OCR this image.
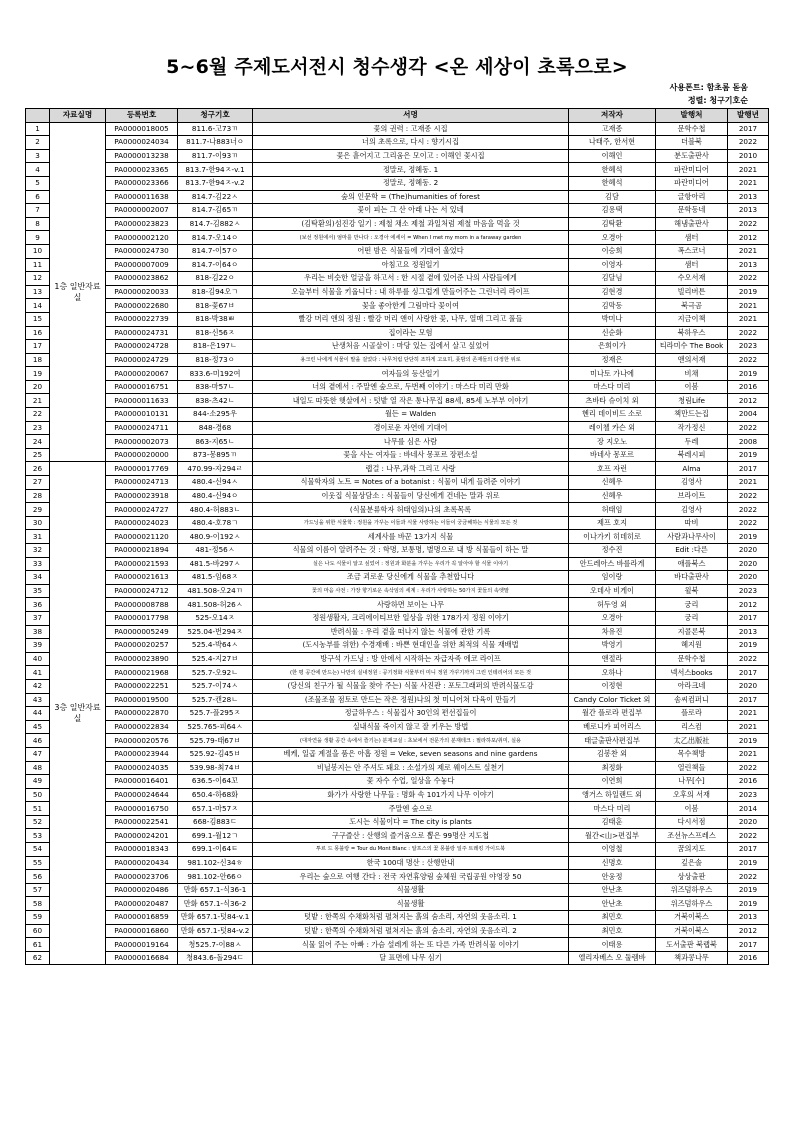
5~6월 주제도서전시 청수생각 <온 세상이 초록으로>
사용폰트: 함초롬 돋움
정렬: 청구기호순
	자료실명	등록번호	청구기호	서명	저작자	발행처	발행년
1	1층 일반자료실	PA0000018005	811.6-고73ㄲ	꽃의 권력 : 고재종 시집	고재종	문학수첩	2017
2		PA0000024034	811.7-나883너ㅇ	너의 초록으로, 다시 : 향기시집	나태주, 한서현	더블북	2022
3		PA0000013238	811.7-이93ㄲ	꽃은 흩어지고 그리움은 모이고 : 이해인 꽃시집	이해인	분도출판사	2010
4		PA0000023365	813.7-한94ㅈ-v.1	정말로, 정혜동. 1	한혜석	파란미디어	2021
5		PA0000023366	813.7-한94ㅈ-v.2	정말로, 정혜동. 2	한혜석	파란미디어	2021
6		PA0000011638	814.7-김22ㅅ	숲의 인문학 = (The)humanities of forest	김담	글항아리	2013
7		PA0000002007	814.7-김65ㄲ	꽃이 피는 그 산 아래 나는 서 있네	김용택	문학동네	2013
8		PA0000023823	814.7-김882ㅅ	(김탁환의)섬진강 일기 : 제철 채소 제철 과일처럼 제철 마음을 먹을 것	김탁환	해냄출판사	2022
9		PA0000002120	814.7-오14ㅇ	(보선 정원에서) 엄마를 만나다 : 오경아 에세이 = When I met my mom in a faraway garden	오경아	샘터	2012
10		PA0000024730	814.7-이57ㅇ	어떤 밤은 식물들에 기대어 울었다	이승희	폭스코너	2021
11		PA0000007009	814.7-이64ㅇ	아침고요 정원일기	이영자	샘터	2013
12		PA0000023862	818-김22ㅇ	우리는 비슷한 얼굴을 하고서 : 한 시절 곁에 있어준 나의 사람들에게	김달님	수오서재	2022
13		PA0000020033	818-김94오ㄱ	오늘부터 식물을 키웁니다 : 내 하루를 싱그럽게 만들어주는 그린너리 라이프	김현경	빌리버튼	2019
14		PA0000022680	818-꽃67ㅂ	꽃을 좋아한게 그림마다 꽃이여	김막동	북극곰	2021
15		PA0000022739	818-박38ㅃ	빨강 머리 앤의 정원 : 빨강 머리 앤이 사랑한 꽃, 나무, 열매 그리고 풀들	박미나	지금이책	2021
16		PA0000024731	818-신56ㅈ	집이라는 모험	신순화	북하우스	2022
17		PA0000024728	818-은197ㄴ	난생처음 시골살이 : 마당 있는 집에서 살고 싶었어	은희이가	티라미수 The Book	2023
18		PA0000024729	818-정73ㅇ	용크린 나에게 식물이 말을 걸었다 : 나무처럼 단단히 조하게 고요히, 풋밤의 존재들의 다정한 위로	정재은	앤의서재	2022
19		PA0000020067	833.6-미192여	여자들의 등산일기	미나토 가나에	비채	2019
20		PA0000016751	838-마57ㄴ	너의 곁에서 : 주말엔 숲으로, 두번째 이야기 : 마스다 미리 만화	마스다 미리	이봄	2016
21		PA0000011633	838-츠42ㄴ	내일도 따뜻한 햇살에서 : 텃밭 열 작은 통나무집 88세, 85세 노부부 이야기	츠바타 슈이치 외	청림Life	2012
22		PA0000010131	844-소295우	월든 = Walden	헨리 데이비드 소로	책만드는집	2004
23		PA0000024711	848-경68	경이로운 자연에 기대어	레이첼 카슨 외	작가정신	2022
24		PA0000002073	863-지65ㄴ	나무를 심은 사람	장 지오노	두레	2008
25		PA0000020000	873-몽895ㄲ	꽃을 사는 여자들 : 바네사 몽포르 장편소설	바네사 몽포르	북레시피	2019
26	3층 일반자료실	PA0000017769	470.99-자294ㄹ	랩걸 : 나무,과학 그리고 사랑	호프 자런	Alma	2017
27		PA0000024713	480.4-신94ㅅ	식물학자의 노트 = Notes of a botanist : 식물이 내게 들려준 이야기	신혜우	김영사	2021
28		PA0000023918	480.4-신94ㅇ	이웃집 식물상담소 : 식물들이 당신에게 건네는 말과 위로	신혜우	브라이트	2022
29		PA0000024727	480.4-허883ㄴ	(식물분류학자 허태임의)나의 초록목록	허태임	김영사	2022
30		PA0000024023	480.4-호78ㄱ	가드닝을 위한 식물학 : 정원을 가꾸는 이들과 식물 사랑하는 이들이 궁금해하는 식물의 모든 것	제프 호지	따비	2022
31		PA0000021120	480.9-이192ㅅ	세계사를 바꾼 13가지 식물	이나가키 히데히로	사람과나무사이	2019
32		PA0000021894	481-정56ㅅ	식물의 이름이 알려주는 것 : 학명, 보통명, 별명으로 내 방 식물들이 하는 말	정수진	Edit :다른	2020
33		PA0000021593	481.5-바297ㅅ	실은 나도 식물이 알고 싶었어 : 정원과 화분을 가꾸는 우리가 꼭 알아야 할 식물 이야기	안드레아스 바를라게	애플북스	2020
34		PA0000021613	481.5-임68ㅈ	조금 괴로운 당신에게 식물을 추천합니다	임이랑	바다출판사	2020
35		PA0000024712	481.508-오24ㄲ	꽃의 마음 사전 : 가장 향기로운 속삭임의 세계 : 우리가 사랑하는 50가지 꽃들의 속엣말	오데사 비게이	윌북	2023
36		PA0000008788	481.508-허26ㅅ	사랑하면 보이는 나무	허두영 외	궁리	2012
37		PA0000017798	525-오14ㅈ	정원생활자, 크리에이티브한 일상을 위한 178가지 정원 이야기	오경아	궁리	2017
38		PA0000005249	525.04-번294ㅈ	반려식물 : 우리 곁을 떠나지 않는 식물에 관한 기록	차유진	지콜론북	2013
39		PA0000020257	525.4-박64ㅅ	(도시농부를 위한) 수경재배 : 바쁜 현대인을 위한 최적의 식물 재배법	박영기	혜지원	2019
40		PA0000023890	525.4-지27ㅂ	방구석 가드닝 : 방 안에서 시작하는 자급자족 에코 라이프	앤절라	문학수첩	2022
41		PA0000021968	525.7-오92ㄴ	(한 평 공간에 만드는) 나만의 실내정원 : 공기정화 식물부터 미니 정원 가꾸기까지 그린 인테리어의 모든 것	오하나	넥서스books	2017
42		PA0000022251	525.7-이74ㅅ	(당신의 친구가 될 식물을 찾아 주는) 식물 사진관 : 포토그래퍼의 반려식물도감	이정현	아라크네	2020
43		PA0000019500	525.7-캔28ㄴ	(조물조물 점토로 만드는 작은 정원)나의 첫 미니어쳐 다육이 만들기	Candy Color Ticket 외	솜씨컴퍼니	2017
44		PA0000022870	525.7-플295ㅈ	정글하우스 : 식물집사 30인의 편선집들이	월간 플로라 편집부	플로라	2021
45		PA0000022834	525.765-피64ㅅ	실내식물 죽이지 않고 잘 키우는 방법	베로니카 피어리스	리스컴	2021
46		PA0000020576	525.79-태67ㅂ	(대자연을 생활 공간 속에서 즐기는) 분재교실 : 초보에서 전문가의 분재테크 : 필라하포/취미, 실용	태글출판사편집부	太乙出版社	2019
47		PA0000023944	525.92-김45ㅂ	베케, 일곱 계절을 품은 아홉 정원 = Veke, seven seasons and nine gardens	김봉찬 외	목수책방	2021
48		PA0000024035	539.98-최74ㅂ	비닐봉지는 안 주셔도 돼요 : 소설가의 제로 웨이스트 실천기	최정화	열린책들	2022
49		PA0000016401	636.5-이64꼬	꽃 자수 수업, 일상을 수놓다	이연희	나무[수]	2016
50		PA0000024644	650.4-하68화	화가가 사랑한 나무들 : 명화 속 101가지 나무 이야기	앵거스 하일랜드 외	오후의 서재	2023
51		PA0000016750	657.1-마57ㅈ	주말엔 숲으로	마스다 미리	이봄	2014
52		PA0000022541	668-김883ㄷ	도시는 식물이다 = The city is plants	김태훈	다시서점	2020
53		PA0000024201	699.1-월12ㄱ	구구즐산 : 산행의 즐거움으로 뽑은 99명산 지도첩	월간<山>편집부	조선뉴스프레스	2022
54		PA0000018343	699.1-이64ㅌ	투르 드 몽블랑 = Tour du Mont Blanc : 알프스의 꽃 몽블랑 일주 트레킹 가이드북	이영철	꿈의지도	2017
55		PA0000020434	981.102-신34ㅎ	한국 100대 명산 : 산행안내	신명호	깊은솔	2019
56		PA0000023706	981.102-안66ㅇ	우리는 숲으로 여행 간다 : 전국 자연휴양림 숲체원 국립공원 야영장 50	안웅정	상상출판	2022
57		PA0000020486	만화 657.1-식36-1	식물생활	안난초	위즈덤하우스	2019
58		PA0000020487	만화 657.1-식36-2	식물생활	안난초	위즈덤하우스	2019
59		PA0000016859	만화 657.1-텃84-v.1	텃밭 : 한쪽의 수채화처럼 펼쳐지는 흙의 숨소리, 자연의 웃음소리. 1	최민호	거북이북스	2013
60		PA0000016860	만화 657.1-텃84-v.2	텃밭 : 한쪽의 수채화처럼 펼쳐지는 흙의 숨소리, 자연의 웃음소리. 2	최민호	거북이북스	2012
61		PA0000019164	청525.7-이88ㅅ	식물 읽어 주는 아빠 : 가슴 설레게 하는 또 다른 가족 반려식물 이야기	이태용	도서출판 북랩북	2017
62		PA0000016684	청843.6-돌294ㄷ	달 표면에 나무 심기	엘리자베스 오 둘렘바	책과콩나무	2016
